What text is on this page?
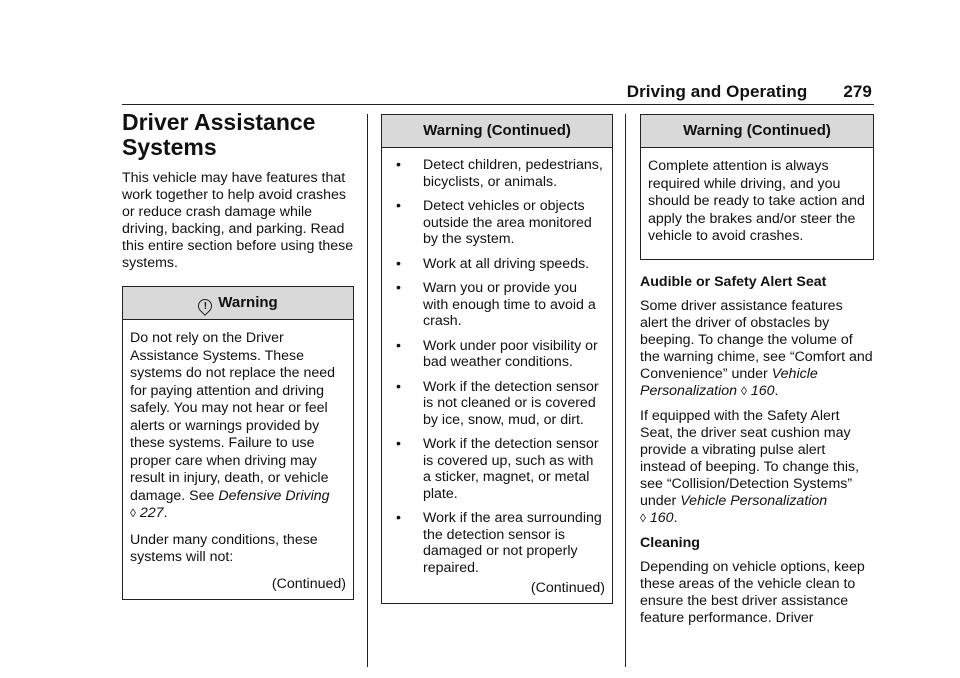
Driving and Operating 279
Driver Assistance
Systems

This vehicle may have features that work together to help avoid crashes or reduce crash damage while driving, backing, and parking. Read this entire section before using these systems.

! Warning

Do not rely on the Driver Assistance Systems. These systems do not replace the need for paying attention and driving safely. You may not hear or feel alerts or warnings provided by these systems. Failure to use proper care when driving may result in injury, death, or vehicle damage. See Defensive Driving
◊ 227.

Under many conditions, these systems will not:

(Continued)

Warning (Continued)
• Detect children, pedestrians, bicyclists, or animals.
• Detect vehicles or objects outside the area monitored by the system.
• Work at all driving speeds.
• Warn you or provide you with enough time to avoid a crash.
• Work under poor visibility or bad weather conditions.
• Work if the detection sensor is not cleaned or is covered by ice, snow, mud, or dirt.
• Work if the detection sensor is covered up, such as with a sticker, magnet, or metal plate.
• Work if the area surrounding the detection sensor is damaged or not properly repaired.

(Continued)

Warning (Continued)

Complete attention is always required while driving, and you should be ready to take action and apply the brakes and/or steer the vehicle to avoid crashes.

Audible or Safety Alert Seat

Some driver assistance features alert the driver of obstacles by beeping. To change the volume of the warning chime, see “Comfort and Convenience” under Vehicle Personalization ◊ 160.

If equipped with the Safety Alert Seat, the driver seat cushion may provide a vibrating pulse alert instead of beeping. To change this, see “Collision/Detection Systems” under Vehicle Personalization
◊ 160.

Cleaning

Depending on vehicle options, keep these areas of the vehicle clean to ensure the best driver assistance feature performance. Driver
